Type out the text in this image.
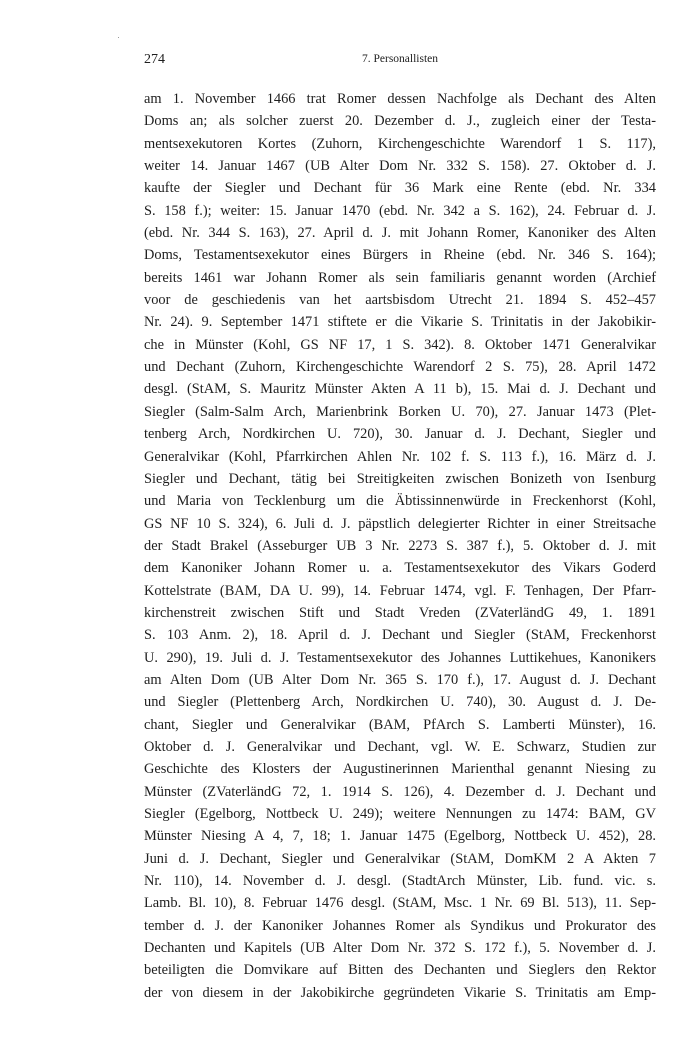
274	7. Personallisten
am 1. November 1466 trat Romer dessen Nachfolge als Dechant des Alten
Doms an; als solcher zuerst 20. Dezember d. J., zugleich einer der Testa-
mentsexekutoren Kortes (Zuhorn, Kirchengeschichte Warendorf 1 S. 117),
weiter 14. Januar 1467 (UB Alter Dom Nr. 332 S. 158). 27. Oktober d. J.
kaufte der Siegler und Dechant für 36 Mark eine Rente (ebd. Nr. 334
S. 158 f.); weiter: 15. Januar 1470 (ebd. Nr. 342 a S. 162), 24. Februar d. J.
(ebd. Nr. 344 S. 163), 27. April d. J. mit Johann Romer, Kanoniker des Alten
Doms, Testamentsexekutor eines Bürgers in Rheine (ebd. Nr. 346 S. 164);
bereits 1461 war Johann Romer als sein familiaris genannt worden (Archief
voor de geschiedenis van het aartsbisdom Utrecht 21. 1894 S. 452–457
Nr. 24). 9. September 1471 stiftete er die Vikarie S. Trinitatis in der Jakobikir-
che in Münster (Kohl, GS NF 17, 1 S. 342). 8. Oktober 1471 Generalvikar
und Dechant (Zuhorn, Kirchengeschichte Warendorf 2 S. 75), 28. April 1472
desgl. (StAM, S. Mauritz Münster Akten A 11 b), 15. Mai d. J. Dechant und
Siegler (Salm-Salm Arch, Marienbrink Borken U. 70), 27. Januar 1473 (Plet-
tenberg Arch, Nordkirchen U. 720), 30. Januar d. J. Dechant, Siegler und
Generalvikar (Kohl, Pfarrkirchen Ahlen Nr. 102 f. S. 113 f.), 16. März d. J.
Siegler und Dechant, tätig bei Streitigkeiten zwischen Bonizeth von Isenburg
und Maria von Tecklenburg um die Äbtissinnenwürde in Freckenhorst (Kohl,
GS NF 10 S. 324), 6. Juli d. J. päpstlich delegierter Richter in einer Streitsache
der Stadt Brakel (Asseburger UB 3 Nr. 2273 S. 387 f.), 5. Oktober d. J. mit
dem Kanoniker Johann Romer u. a. Testamentsexekutor des Vikars Goderd
Kottelstrate (BAM, DA U. 99), 14. Februar 1474, vgl. F. Tenhagen, Der Pfarr-
kirchenstreit zwischen Stift und Stadt Vreden (ZVaterländG 49, 1. 1891
S. 103 Anm. 2), 18. April d. J. Dechant und Siegler (StAM, Freckenhorst
U. 290), 19. Juli d. J. Testamentsexekutor des Johannes Luttikehues, Kanonikers
am Alten Dom (UB Alter Dom Nr. 365 S. 170 f.), 17. August d. J. Dechant
und Siegler (Plettenberg Arch, Nordkirchen U. 740), 30. August d. J. De-
chant, Siegler und Generalvikar (BAM, PfArch S. Lamberti Münster), 16.
Oktober d. J. Generalvikar und Dechant, vgl. W. E. Schwarz, Studien zur
Geschichte des Klosters der Augustinerinnen Marienthal genannt Niesing zu
Münster (ZVaterländG 72, 1. 1914 S. 126), 4. Dezember d. J. Dechant und
Siegler (Egelborg, Nottbeck U. 249); weitere Nennungen zu 1474: BAM, GV
Münster Niesing A 4, 7, 18; 1. Januar 1475 (Egelborg, Nottbeck U. 452), 28.
Juni d. J. Dechant, Siegler und Generalvikar (StAM, DomKM 2 A Akten 7
Nr. 110), 14. November d. J. desgl. (StadtArch Münster, Lib. fund. vic. s.
Lamb. Bl. 10), 8. Februar 1476 desgl. (StAM, Msc. 1 Nr. 69 Bl. 513), 11. Sep-
tember d. J. der Kanoniker Johannes Romer als Syndikus und Prokurator des
Dechanten und Kapitels (UB Alter Dom Nr. 372 S. 172 f.), 5. November d. J.
beteiligten die Domvikare auf Bitten des Dechanten und Sieglers den Rektor
der von diesem in der Jakobikirche gegründeten Vikarie S. Trinitatis am Emp-
